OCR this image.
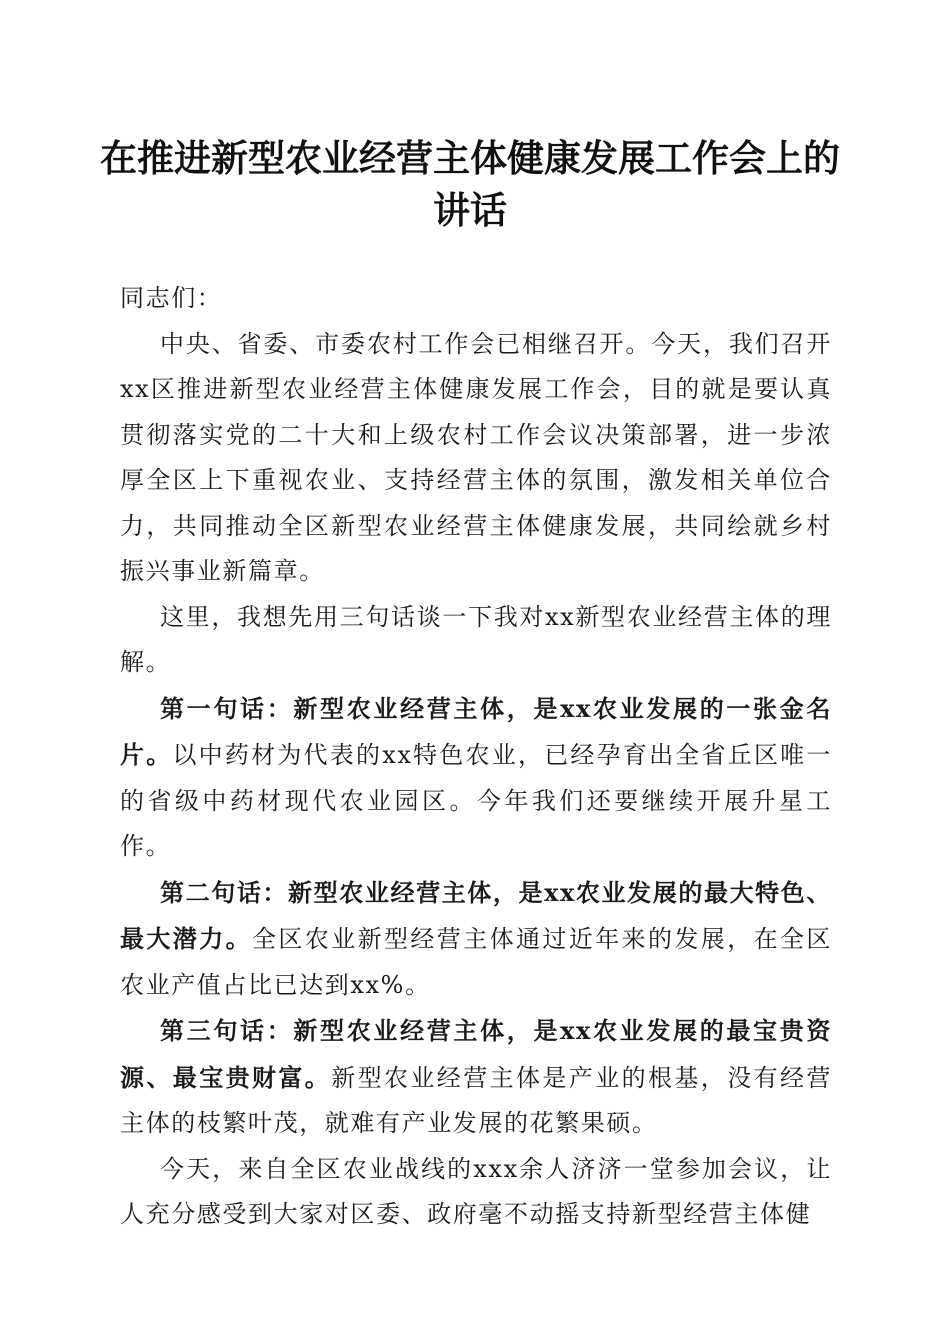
在推进新型农业经营主体健康发展工作会上的讲话

同志们：

中央、省委、市委农村工作会已相继召开。今天，我们召开xx区推进新型农业经营主体健康发展工作会，目的就是要认真贯彻落实党的二十大和上级农村工作会议决策部署，进一步浓厚全区上下重视农业、支持经营主体的氛围，激发相关单位合力，共同推动全区新型农业经营主体健康发展，共同绘就乡村振兴事业新篇章。

这里，我想先用三句话谈一下我对xx新型农业经营主体的理解。

第一句话：新型农业经营主体，是xx农业发展的一张金名片。以中药材为代表的xx特色农业，已经孕育出全省丘区唯一的省级中药材现代农业园区。今年我们还要继续开展升星工作。

第二句话：新型农业经营主体，是xx农业发展的最大特色、最大潜力。全区农业新型经营主体通过近年来的发展，在全区农业产值占比已达到xx%。

第三句话：新型农业经营主体，是xx农业发展的最宝贵资源、最宝贵财富。新型农业经营主体是产业的根基，没有经营主体的枝繁叶茂，就难有产业发展的花繁果硕。

今天，来自全区农业战线的xxx余人济济一堂参加会议，让人充分感受到大家对区委、政府毫不动摇支持新型经营主体健
